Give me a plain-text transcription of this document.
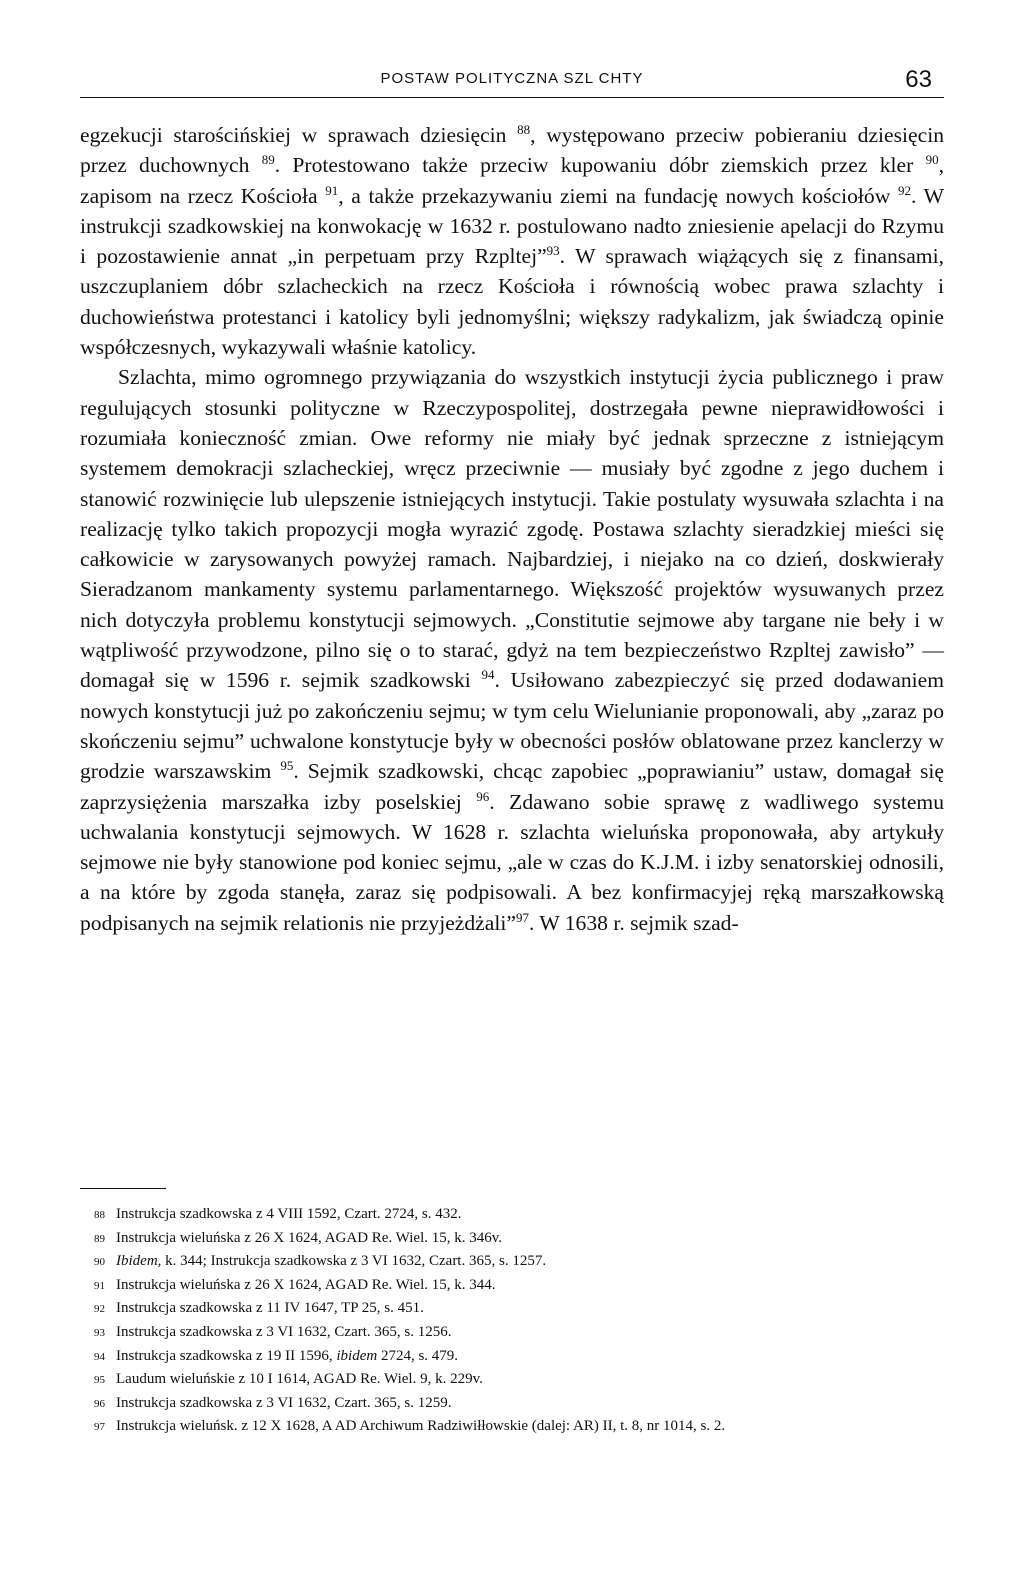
POSTAW POLITYCZNA SZL CHTY	63

egzekucji starościńskiej w sprawach dziesięcin $^{88}$, występowano przeciw pobieraniu dziesięcin przez duchownych $^{89}$. Protestowano także przeciw kupowaniu dóbr ziemskich przez kler $^{90}$, zapisom na rzecz Kościoła $^{91}$, a także przekazywaniu ziemi na fundację nowych kościołów $^{92}$. W instrukcji szadkowskiej na konwokację w 1632 r. postulowano nadto zniesienie apelacji do Rzymu i pozostawienie annat „in perpetuam przy Rzpltej”$^{93}$. W sprawach wiążących się z finansami, uszczuplaniem dóbr szlacheckich na rzecz Kościoła i równością wobec prawa szlachty i duchowieństwa protestanci i katolicy byli jednomyślni; większy radykalizm, jak świadczą opinie współczesnych, wykazywali właśnie katolicy.

Szlachta, mimo ogromnego przywiązania do wszystkich instytucji życia publicznego i praw regulujących stosunki polityczne w Rzeczypospolitej, dostrzegała pewne nieprawidłowości i rozumiała konieczność zmian. Owe reformy nie miały być jednak sprzeczne z istniejącym systemem demokracji szlacheckiej, wręcz przeciwnie — musiały być zgodne z jego duchem i stanowić rozwinięcie lub ulepszenie istniejących instytucji. Takie postulaty wysuwała szlachta i na realizację tylko takich propozycji mogła wyrazić zgodę. Postawa szlachty sieradzkiej mieści się całkowicie w zarysowanych powyżej ramach. Najbardziej, i niejako na co dzień, doskwierały Sieradzanom mankamenty systemu parlamentarnego. Większość projektów wysuwanych przez nich dotyczyła problemu konstytucji sejmowych. „Constitutie sejmowe aby targane nie beły i w wątpliwość przywodzone, pilno się o to starać, gdyż na tem bezpieczeństwo Rzpltej zawisło” — domagał się w 1596 r. sejmik szadkowski $^{94}$. Usiłowano zabezpieczyć się przed dodawaniem nowych konstytucji już po zakończeniu sejmu; w tym celu Wielunianie proponowali, aby „zaraz po skończeniu sejmu” uchwalone konstytucje były w obecności posłów oblatowane przez kanclerzy w grodzie warszawskim $^{95}$. Sejmik szadkowski, chcąc zapobiec „poprawianiu” ustaw, domagał się zaprzysiężenia marszałka izby poselskiej $^{96}$. Zdawano sobie sprawę z wadliwego systemu uchwalania konstytucji sejmowych. W 1628 r. szlachta wieluńska proponowała, aby artykuły sejmowe nie były stanowione pod koniec sejmu, „ale w czas do K.J.M. i izby senatorskiej odnosili, a na które by zgoda stanęła, zaraz się podpisowali. A bez konfirmacyjej ręką marszałkowską podpisanych na sejmik relationis nie przyjeżdżali”$^{97}$. W 1638 r. sejmik szad-

88 Instrukcja szadkowska z 4 VIII 1592, Czart. 2724, s. 432.

89 Instrukcja wieluńska z 26 X 1624, AGAD Re. Wiel. 15, k. 346v.

90 Ibidem, k. 344; Instrukcja szadkowska z 3 VI 1632, Czart. 365, s. 1257.

91 Instrukcja wieluńska z 26 X 1624, AGAD Re. Wiel. 15, k. 344.

92 Instrukcja szadkowska z 11 IV 1647, TP 25, s. 451.

93 Instrukcja szadkowska z 3 VI 1632, Czart. 365, s. 1256.

94 Instrukcja szadkowska z 19 II 1596, ibidem 2724, s. 479.

95 Laudum wieluńskie z 10 I 1614, AGAD Re. Wiel. 9, k. 229v.

96 Instrukcja szadkowska z 3 VI 1632, Czart. 365, s. 1259.

97 Instrukcja wieluńsk. z 12 X 1628, A AD Archiwum Radziwiłłowskie (dalej: AR) II, t. 8, nr 1014, s. 2.
